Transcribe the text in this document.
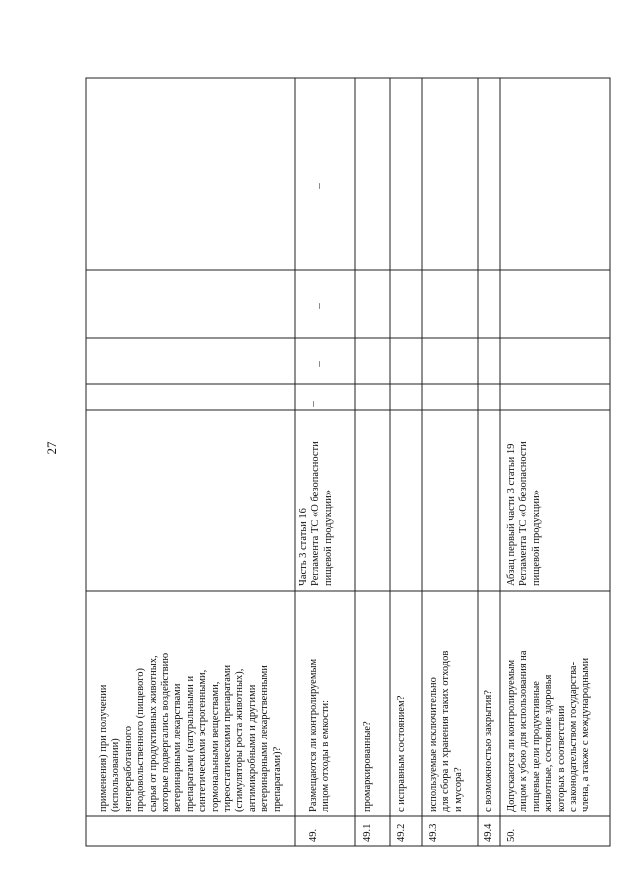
27
применения) при получении
(использовании)
непереработанного
продовольственного (пищевого)
сырья от продуктивных животных,
которые подвергались воздействию
ветеринарными лекарствами
препаратами (натуральными и
синтетическими эстрогенными,
гормональными веществами,
тиреостатическими препаратами
(стимуляторы роста животных),
антимикробными и другими
ветеринарными лекарственными
препаратами)?
49.
Размещаются ли контролируемым
лицом отходы в емкости:
Часть 3 статьи 16
Регламента ТС «О безопасности
пищевой продукции»
49.1
промаркированные?
49.2
с исправным состоянием?
49.3
используемые исключительно
для сбора и хранения таких отходов
и мусора?
49.4
с возможностью закрытия?
50.
Допускаются ли контролируемым
лицом к убою для использования на
пищевые цели продуктивные
животные, состояние здоровья
которых в соответствии
с законодательством государства-
члена, а также с международными
Абзац первый части 3 статьи 19
Регламента ТС «О безопасности
пищевой продукции»
–
–
–
–
